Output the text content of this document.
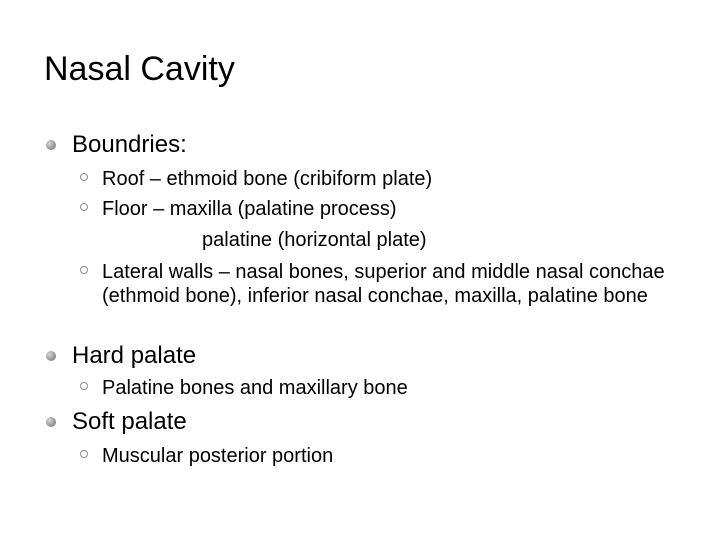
Nasal Cavity
Boundries:
Roof – ethmoid bone (cribiform plate)
Floor – maxilla (palatine process)
palatine (horizontal plate)
Lateral walls – nasal bones, superior and middle nasal conchae (ethmoid bone), inferior nasal conchae, maxilla, palatine bone
Hard palate
Palatine bones and maxillary bone
Soft palate
Muscular posterior portion
